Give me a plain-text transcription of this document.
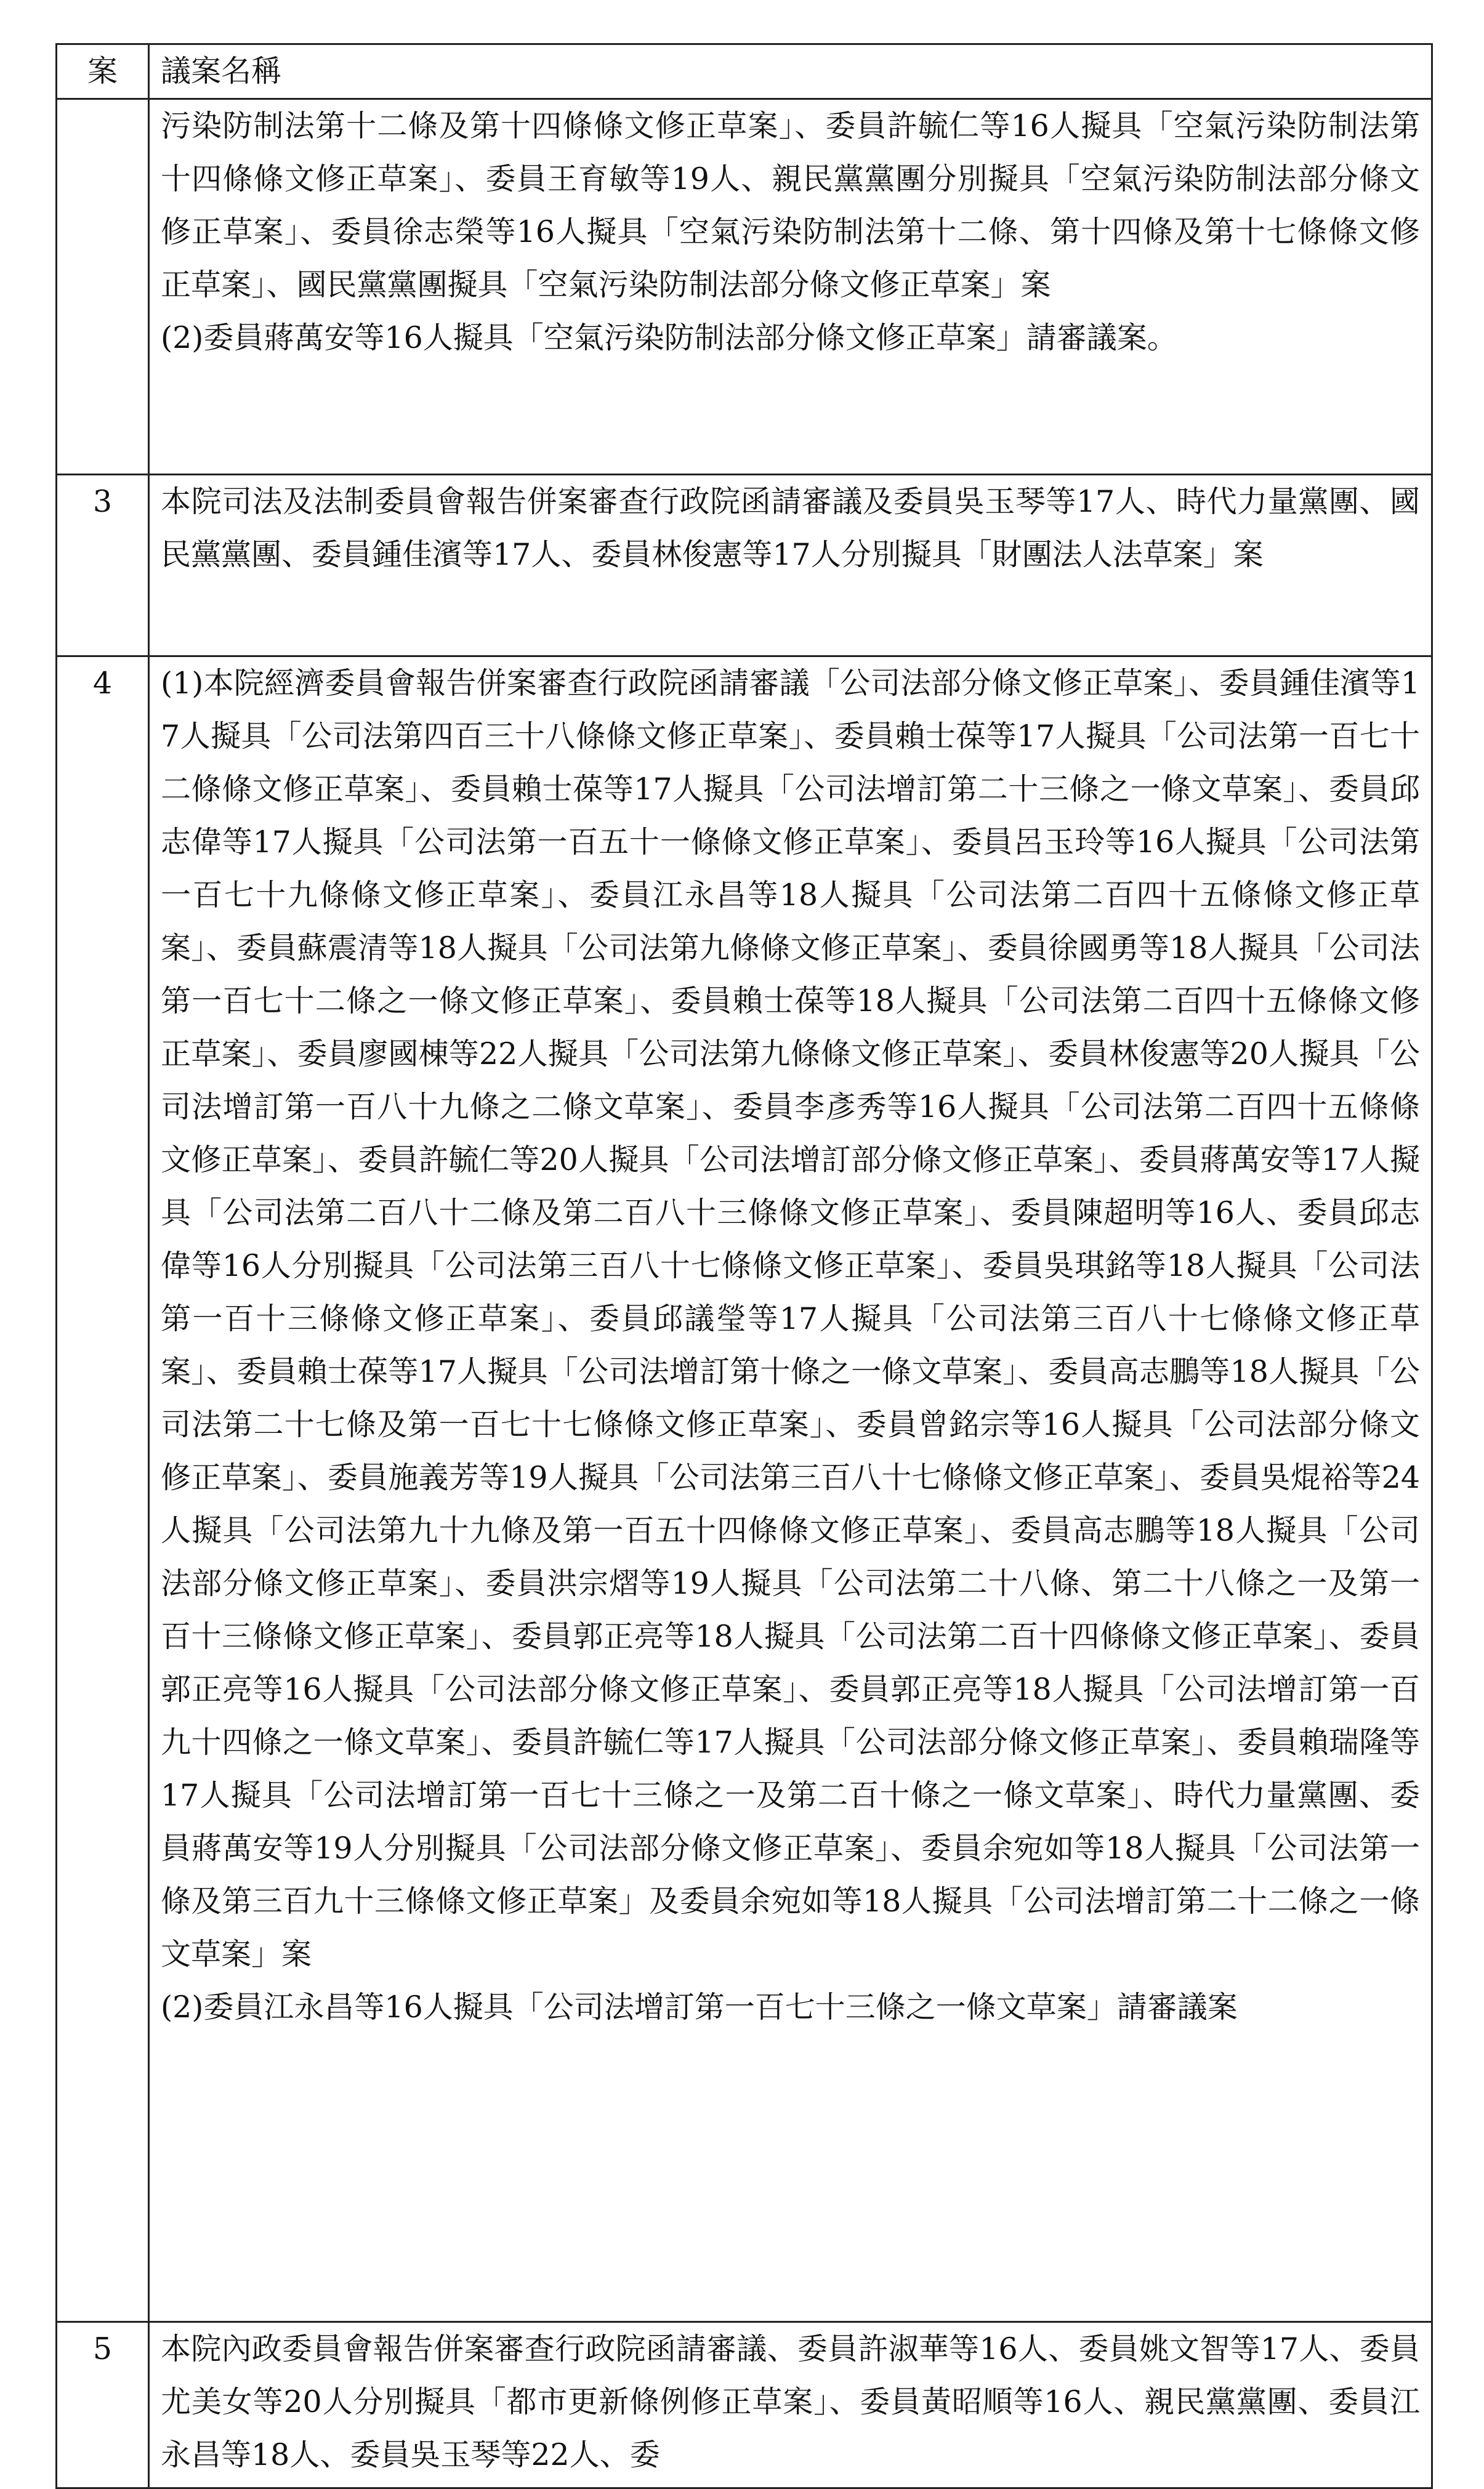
案	議案名稱
	污染防制法第十二條及第十四條條文修正草案」、委員許毓仁等16人擬具「空氣污染防制法第十四條條文修正草案」、委員王育敏等19人、親民黨黨團分別擬具「空氣污染防制法部分條文修正草案」、委員徐志榮等16人擬具「空氣污染防制法第十二條、第十四條及第十七條條文修正草案」、國民黨黨團擬具「空氣污染防制法部分條文修正草案」案
(2)委員蔣萬安等16人擬具「空氣污染防制法部分條文修正草案」請審議案。

3	本院司法及法制委員會報告併案審查行政院函請審議及委員吳玉琴等17人、時代力量黨團、國民黨黨團、委員鍾佳濱等17人、委員林俊憲等17人分別擬具「財團法人法草案」案
4	(1)本院經濟委員會報告併案審查行政院函請審議「公司法部分條文修正草案」、委員鍾佳濱等17人擬具「公司法第四百三十八條條文修正草案」、委員賴士葆等17人擬具「公司法第一百七十二條條文修正草案」、委員賴士葆等17人擬具「公司法增訂第二十三條之一條文草案」、委員邱志偉等17人擬具「公司法第一百五十一條條文修正草案」、委員呂玉玲等16人擬具「公司法第一百七十九條條文修正草案」、委員江永昌等18人擬具「公司法第二百四十五條條文修正草案」、委員蘇震清等18人擬具「公司法第九條條文修正草案」、委員徐國勇等18人擬具「公司法第一百七十二條之一條文修正草案」、委員賴士葆等18人擬具「公司法第二百四十五條條文修正草案」、委員廖國棟等22人擬具「公司法第九條條文修正草案」、委員林俊憲等20人擬具「公司法增訂第一百八十九條之二條文草案」、委員李彥秀等16人擬具「公司法第二百四十五條條文修正草案」、委員許毓仁等20人擬具「公司法增訂部分條文修正草案」、委員蔣萬安等17人擬具「公司法第二百八十二條及第二百八十三條條文修正草案」、委員陳超明等16人、委員邱志偉等16人分別擬具「公司法第三百八十七條條文修正草案」、委員吳琪銘等18人擬具「公司法第一百十三條條文修正草案」、委員邱議瑩等17人擬具「公司法第三百八十七條條文修正草案」、委員賴士葆等17人擬具「公司法增訂第十條之一條文草案」、委員高志鵬等18人擬具「公司法第二十七條及第一百七十七條條文修正草案」、委員曾銘宗等16人擬具「公司法部分條文修正草案」、委員施義芳等19人擬具「公司法第三百八十七條條文修正草案」、委員吳焜裕等24人擬具「公司法第九十九條及第一百五十四條條文修正草案」、委員高志鵬等18人擬具「公司法部分條文修正草案」、委員洪宗熠等19人擬具「公司法第二十八條、第二十八條之一及第一百十三條條文修正草案」、委員郭正亮等18人擬具「公司法第二百十四條條文修正草案」、委員郭正亮等16人擬具「公司法部分條文修正草案」、委員郭正亮等18人擬具「公司法增訂第一百九十四條之一條文草案」、委員許毓仁等17人擬具「公司法部分條文修正草案」、委員賴瑞隆等17人擬具「公司法增訂第一百七十三條之一及第二百十條之一條文草案」、時代力量黨團、委員蔣萬安等19人分別擬具「公司法部分條文修正草案」、委員余宛如等18人擬具「公司法第一條及第三百九十三條條文修正草案」及委員余宛如等18人擬具「公司法增訂第二十二條之一條文草案」案
(2)委員江永昌等16人擬具「公司法增訂第一百七十三條之一條文草案」請審議案

5	本院內政委員會報告併案審查行政院函請審議、委員許淑華等16人、委員姚文智等17人、委員尤美女等20人分別擬具「都市更新條例修正草案」、委員黃昭順等16人、親民黨黨團、委員江永昌等18人、委員吳玉琴等22人、委
